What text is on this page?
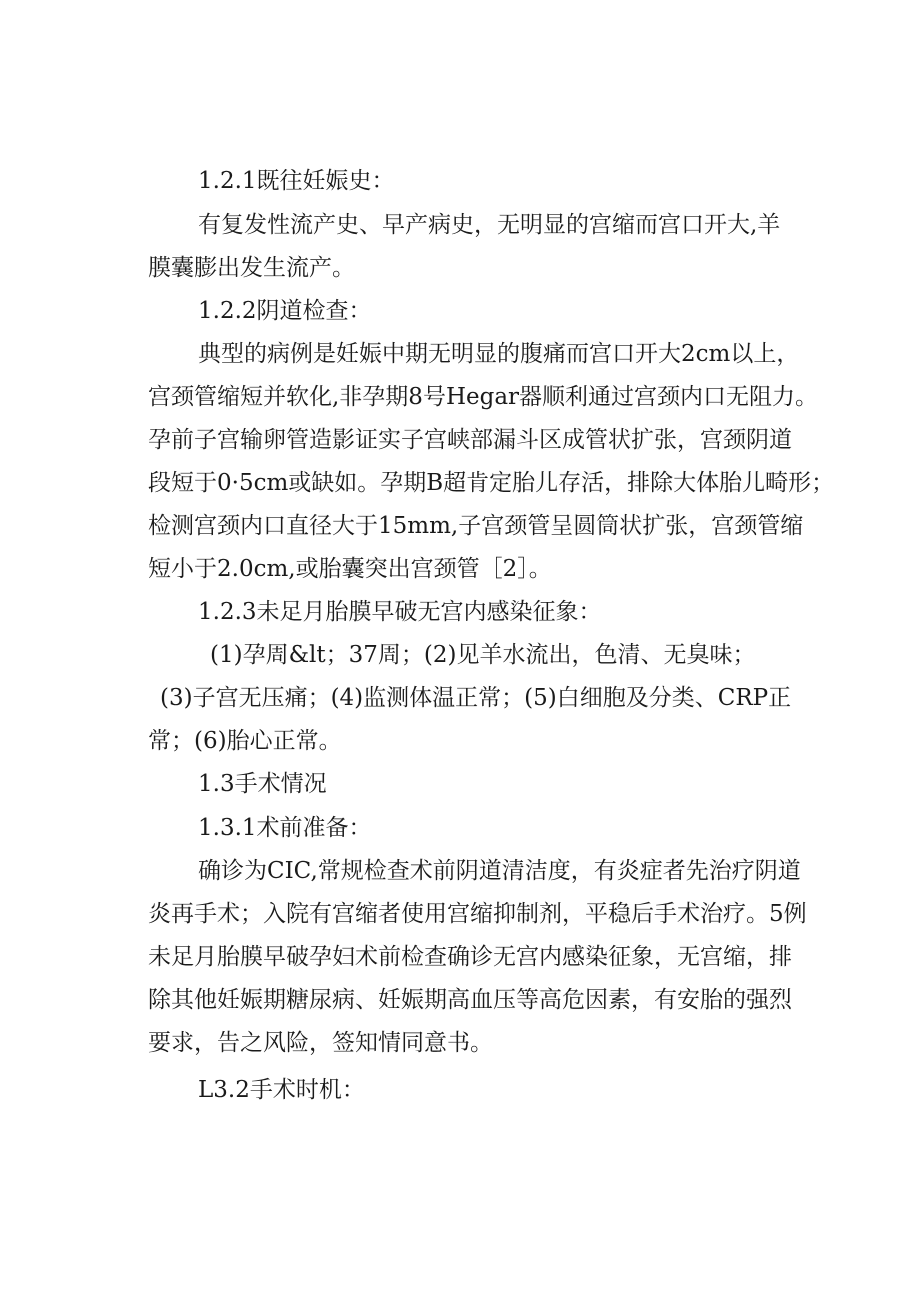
1.2.1既往妊娠史：
有复发性流产史、早产病史，无明显的宫缩而宫口开大,羊
膜囊膨出发生流产。
1.2.2阴道检查：
典型的病例是妊娠中期无明显的腹痛而宫口开大2cm以上，
宫颈管缩短并软化,非孕期8号Hegar器顺利通过宫颈内口无阻力。
孕前子宫输卵管造影证实子宫峡部漏斗区成管状扩张，宫颈阴道
段短于0·5cm或缺如。孕期B超肯定胎儿存活，排除大体胎儿畸形；
检测宫颈内口直径大于15mm,子宫颈管呈圆筒状扩张，宫颈管缩
短小于2.0cm,或胎囊突出宫颈管［2］。
1.2.3未足月胎膜早破无宫内感染征象：
(1)孕周&lt；37周；(2)见羊水流出，色清、无臭味；
(3)子宫无压痛；(4)监测体温正常；(5)白细胞及分类、CRP正
常；(6)胎心正常。
1.3手术情况
1.3.1术前准备：
确诊为CIC,常规检查术前阴道清洁度，有炎症者先治疗阴道
炎再手术；入院有宫缩者使用宫缩抑制剂，平稳后手术治疗。5例
未足月胎膜早破孕妇术前检查确诊无宫内感染征象，无宫缩，排
除其他妊娠期糖尿病、妊娠期高血压等高危因素，有安胎的强烈
要求，告之风险，签知情同意书。
L3.2手术时机：
